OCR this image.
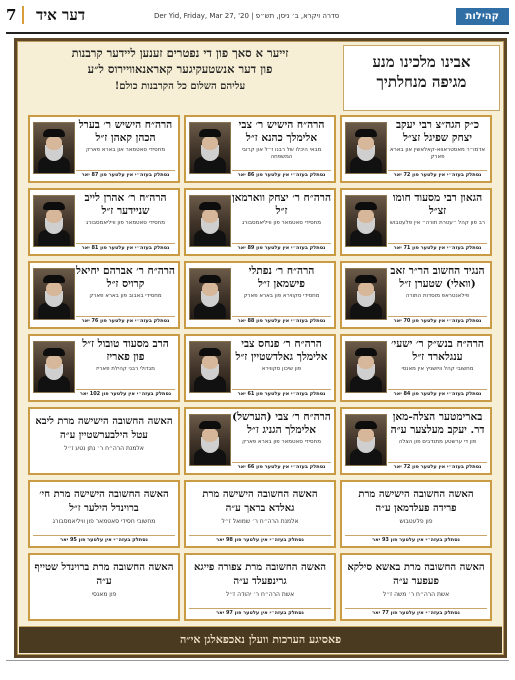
7	דער איד	Der Yid, Friday, Mar 27, '20 | סדרה ויקרא, ב׳ ניסן, תש״פ	קהילות
זייער א סאך פון די נפטרים זענען ליידער קרבנות
פון דער אנשטעקיגער קאראנאוויירוס ל״ע
עליהם השלום כל הקרבנות כולם!
אבינו מלכינו מנע
מגיפה מנחלתיך
כ״ק הגה״צ רבי יעקב יצחק שפיגל זצ״ל
אדמו״ר מאסטראווא-קאלאשין און בארא פארק
נסתלק בעזה״י אין עלטער פון 72 יאר
הרה״ח הישיש ר׳ צבי אלימלך כהנא ז״ל
מבאי היכלו של רבנו ז״ל און קרובי המשפחה
נסתלק בעזה״י אין עלטער פון 86 יאר
הרה״ח הישיש ר׳ בערל הכהן קאהן ז״ל
מחסידי סאטמאר און בארא פארק
נסתלק בעזה״י אין עלטער פון 87 יאר
הגאון רבי מסעוד חומו זצ״ל
רב פון קהל ״עטרת תורה״ אין פלעטבוש
נסתלק בעזה״י אין עלטער פון 71 יאר
הרה״ח ר׳ יצחק ווארמאן ז״ל
מחסידי סאטמאר פון וויליאמסבורג
נסתלק בעזה״י אין עלטער פון 89 יאר
הרה״ח ר׳ אהרן לייב שניידער ז״ל
מחסידי סאטמאר פון וויליאמסבורג
נסתלק בעזה״י אין עלטער פון 81 יאר
הנגיד החשוב הר״ר זאב (וואלי) שטערן ז״ל
פילאנטראפ מוסדות התורה
נסתלק בעזה״י אין עלטער פון 70 יאר
הרה״ח ר׳ נפתלי פישמאן ז״ל
מחסידי סקווירא פון בארא פארק
נסתלק בעזה״י אין עלטער פון 88 יאר
הרה״ח ר׳ אברהם יחיאל קרויס ז״ל
מחסידי באבוב פון בארא פארק
נסתלק בעזה״י אין עלטער פון 76 יאר
הרה״ח בנש״ק ר׳ ישעי׳ ענגלארד ז״ל
מחשובי קהל וויזשניץ אין מאנסי
נסתלק בעזה״י אין עלטער פון 84 יאר
הרה״ח ר׳ פנחס צבי אלימלך גאלדשטיין ז״ל
פון שיכון סקווירא
נסתלק בעזה״י אין עלטער פון 61 יאר
הרב מסעוד טובול ז״ל פון פאריז
מגדולי רבני קהילת פאריז
נסתלק בעזה״י אין עלטער פון 102 יאר
בארימטער הצלה-מאן דר. יעקב מעלצער ע״ה
פון די ערשטע מתנדבים פון הצלה
נסתלק בעזה״י אין עלטער פון 72 יאר
הרה״ח ר׳ צבי (הערשל) אלימלך הגניג ז״ל
מחסידי סאטמאר פון בארא פארק
נסתלק בעזה״י אין עלטער פון 66 יאר
האשה החשובה הישישה מרת ליבא עטל הילבערשטיין ע״ה
אלמנת הרה״ח ר׳ נתן נטע ז״ל
האשה החשובה הישישה מרת פרידה פעלדמאן ע״ה
פון פלעטבוש
נסתלק בעזה״י אין עלטער פון 93 יאר
האשה החשובה הישישה מרת גאלדא בראך ע״ה
אלמנת הרה״ח ר׳ שמואל ז״ל
נסתלק בעזה״י אין עלטער פון 98 יאר
האשה החשובה הישישה מרת חי׳ ברוינדל הילער ז״ל
מחשובי חסידי סאטמאר פון וויליאמסבורג
נסתלק בעזה״י אין עלטער פון 95 יאר
האשה החשובה מרת באשא סילקא פעפער ע״ה
אשת הרה״ח ר׳ משה ז״ל
נסתלק בעזה״י אין עלטער פון 77 יאר
האשה החשובה מרת צפורה פייגא גרינפעלד ע״ה
אשת הרה״ח ר׳ יהודה ז״ל
נסתלק בעזה״י אין עלטער פון 97 יאר
האשה החשובה מרת ברוינדל שטייף ע״ה
פון מאנסי
פאסיגע הערכות וועלן נאכפאלגן אי״ה
